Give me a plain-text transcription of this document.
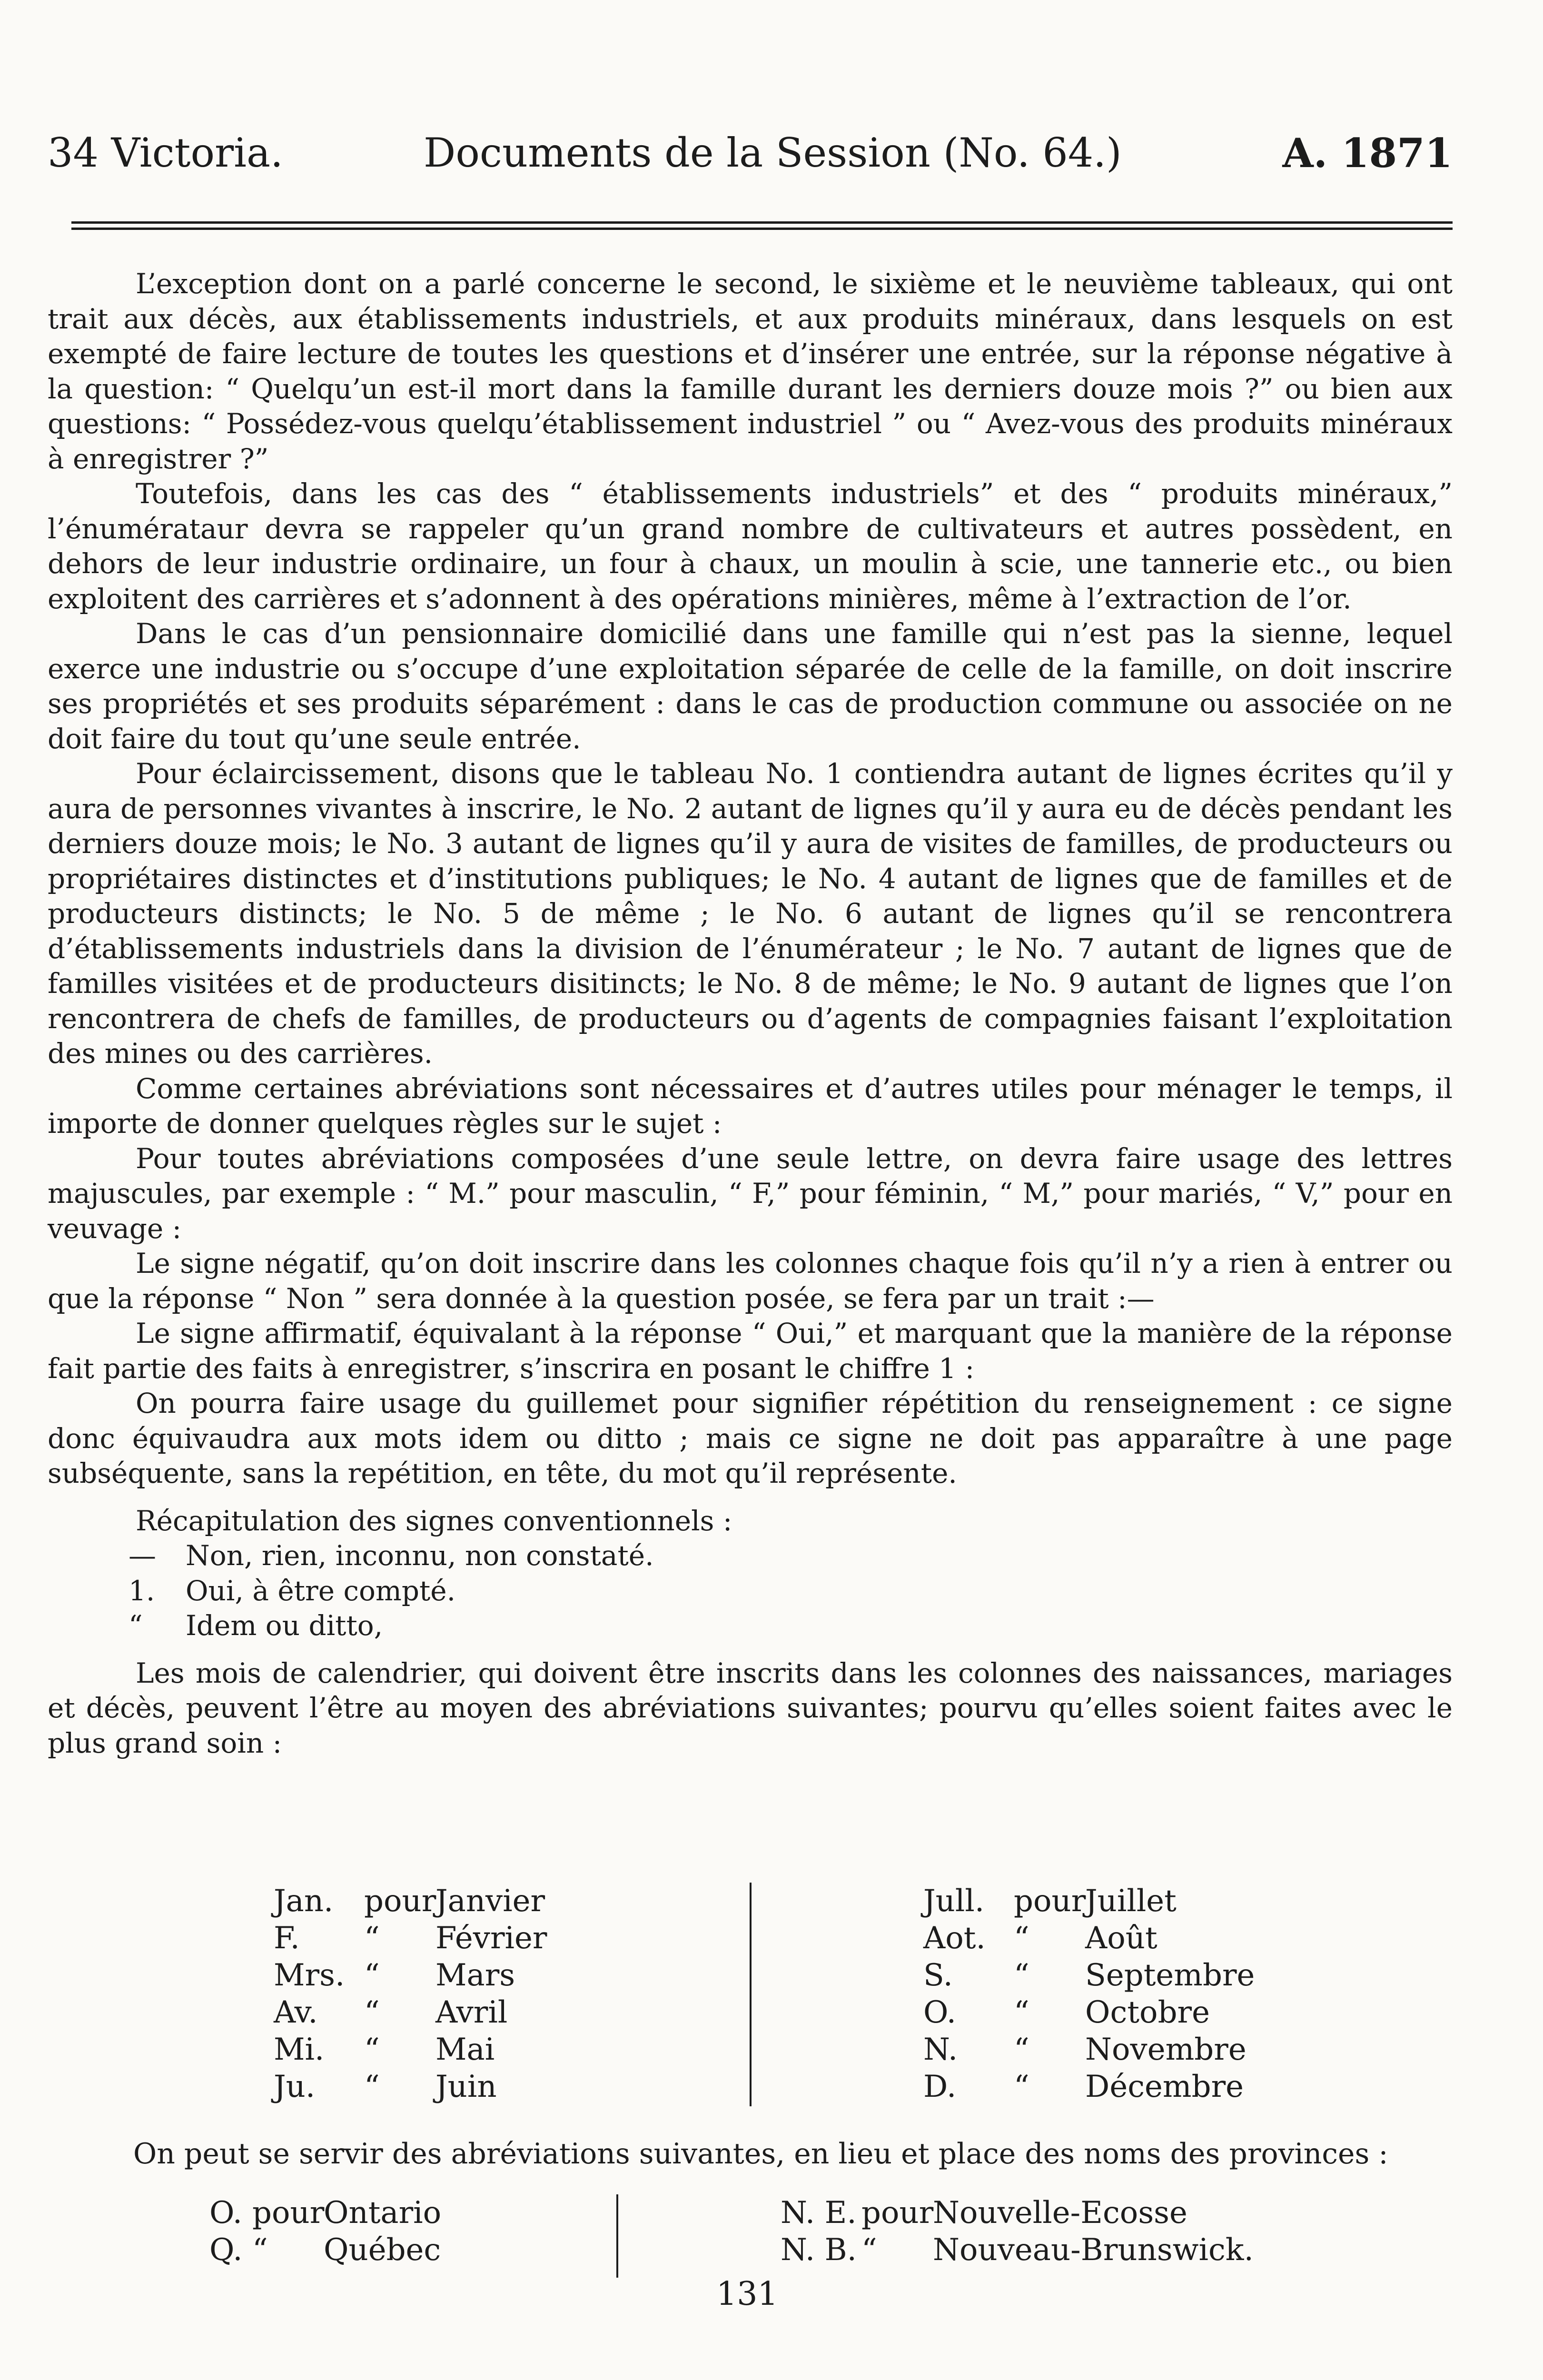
34 Victoria.	Documents de la Session (No. 64.)	A. 1871

L’exception dont on a parlé concerne le second, le sixième et le neuvième tableaux, qui ont trait aux décès, aux établissements industriels, et aux produits minéraux, dans lesquels on est exempté de faire lecture de toutes les questions et d’insérer une entrée, sur la réponse négative à la question: “ Quelqu’un est-il mort dans la famille durant les derniers douze mois ?” ou bien aux questions: “ Possédez-vous quelqu’établissement industriel ” ou “ Avez-vous des produits minéraux à enregistrer ?”

Toutefois, dans les cas des “ établissements industriels” et des “ produits minéraux,” l’énumérataur devra se rappeler qu’un grand nombre de cultivateurs et autres possèdent, en dehors de leur industrie ordinaire, un four à chaux, un moulin à scie, une tannerie etc., ou bien exploitent des carrières et s’adonnent à des opérations minières, même à l’extraction de l’or.

Dans le cas d’un pensionnaire domicilié dans une famille qui n’est pas la sienne, lequel exerce une industrie ou s’occupe d’une exploitation séparée de celle de la famille, on doit inscrire ses propriétés et ses produits séparément : dans le cas de production commune ou associée on ne doit faire du tout qu’une seule entrée.

Pour éclaircissement, disons que le tableau No. 1 contiendra autant de lignes écrites qu’il y aura de personnes vivantes à inscrire, le No. 2 autant de lignes qu’il y aura eu de décès pendant les derniers douze mois; le No. 3 autant de lignes qu’il y aura de visites de familles, de producteurs ou propriétaires distinctes et d’institutions publiques; le No. 4 autant de lignes que de familles et de producteurs distincts; le No. 5 de même ; le No. 6 autant de lignes qu’il se rencontrera d’établissements industriels dans la division de l’énumérateur ; le No. 7 autant de lignes que de familles visitées et de producteurs disitincts; le No. 8 de même; le No. 9 autant de lignes que l’on rencontrera de chefs de familles, de producteurs ou d’agents de compagnies faisant l’exploitation des mines ou des carrières.

Comme certaines abréviations sont nécessaires et d’autres utiles pour ménager le temps, il importe de donner quelques règles sur le sujet :

Pour toutes abréviations composées d’une seule lettre, on devra faire usage des lettres majuscules, par exemple : “ M.” pour masculin, “ F,” pour féminin, “ M,” pour mariés, “ V,” pour en veuvage :

Le signe négatif, qu’on doit inscrire dans les colonnes chaque fois qu’il n’y a rien à entrer ou que la réponse “ Non ” sera donnée à la question posée, se fera par un trait :—

Le signe affirmatif, équivalant à la réponse “ Oui,” et marquant que la manière de la réponse fait partie des faits à enregistrer, s’inscrira en posant le chiffre 1 :

On pourra faire usage du guillemet pour signifier répétition du renseignement : ce signe donc équivaudra aux mots idem ou ditto ; mais ce signe ne doit pas apparaître à une page subséquente, sans la repétition, en tête, du mot qu’il représente.

Récapitulation des signes conventionnels :
— Non, rien, inconnu, non constaté.
1. Oui, à être compté.
“ Idem ou ditto,

Les mois de calendrier, qui doivent être inscrits dans les colonnes des naissances, mariages et décès, peuvent l’être au moyen des abréviations suivantes; pourvu qu’elles soient faites avec le plus grand soin :

Jan. pourJanvier
F. “ Février
Mrs. “ Mars
Av. “ Avril
Mi. “ Mai
Ju. “ Juin
Jull. pourJuillet
Aot. “ Août
S. “ Septembre
O. “ Octobre
N. “ Novembre
D. “ Décembre
On peut se servir des abréviations suivantes, en lieu et place des noms des provinces :
O. pourOntario
Q. “ Québec
N. E. pourNouvelle-Ecosse
N. B. “ Nouveau-Brunswick.
131
